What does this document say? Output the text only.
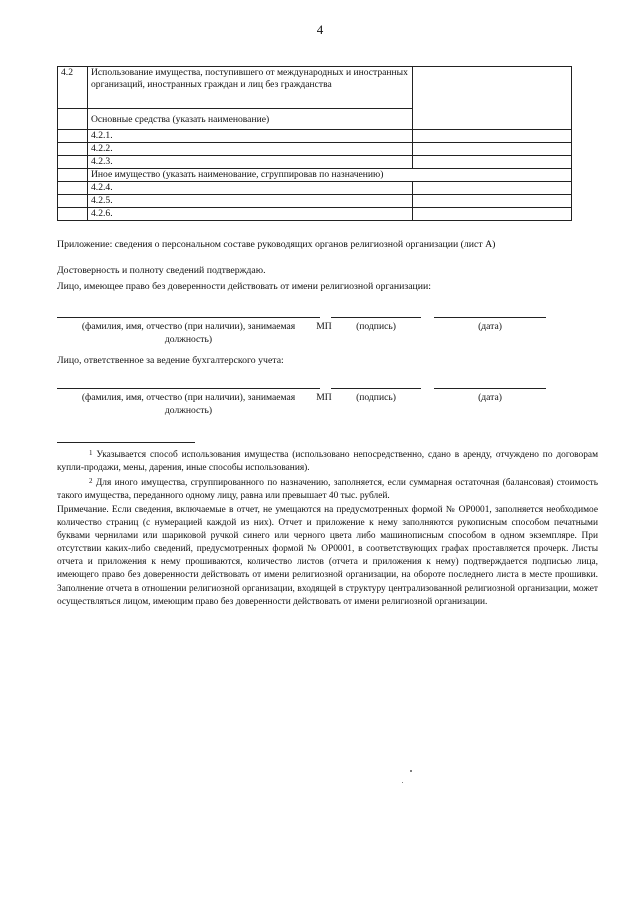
4
4.2	Использование имущества, поступившего от международных и иностранных организаций, иностранных граждан и лиц без гражданства	
	Основные средства (указать наименование)	
	4.2.1.	
	4.2.2.	
	4.2.3.	
	Иное имущество (указать наименование, сгруппировав по назначению)	
	4.2.4.	
	4.2.5.	
	4.2.6.	
Приложение: сведения о персональном составе руководящих органов религиозной организации (лист А)
Достоверность и полноту сведений подтверждаю.
Лицо, имеющее право без доверенности действовать от имени религиозной организации:
(фамилия, имя, отчество (при наличии), занимаемая
должность)
МП	(подпись)	(дата)
Лицо, ответственное за ведение бухгалтерского учета:
(фамилия, имя, отчество (при наличии), занимаемая
должность)
МП	(подпись)	(дата)
$^1$ Указывается способ использования имущества (использовано непосредственно, сдано в аренду, отчуждено по договорам купли-продажи, мены, дарения, иные способы использования).
$^2$ Для иного имущества, сгруппированного по назначению, заполняется, если суммарная остаточная (балансовая) стоимость такого имущества, переданного одному лицу, равна или превышает 40 тыс. рублей.
Примечание. Если сведения, включаемые в отчет, не умещаются на предусмотренных формой № ОР0001, заполняется необходимое количество страниц (с нумерацией каждой из них). Отчет и приложение к нему заполняются рукописным способом печатными буквами чернилами или шариковой ручкой синего или черного цвета либо машинописным способом в одном экземпляре. При отсутствии каких-либо сведений, предусмотренных формой № ОР0001, в соответствующих графах проставляется прочерк. Листы отчета и приложения к нему прошиваются, количество листов (отчета и приложения к нему) подтверждается подписью лица, имеющего право без доверенности действовать от имени религиозной организации, на обороте последнего листа в месте прошивки. Заполнение отчета в отношении религиозной организации, входящей в структуру централизованной религиозной организации, может осуществляться лицом, имеющим право без доверенности действовать от имени религиозной организации.
